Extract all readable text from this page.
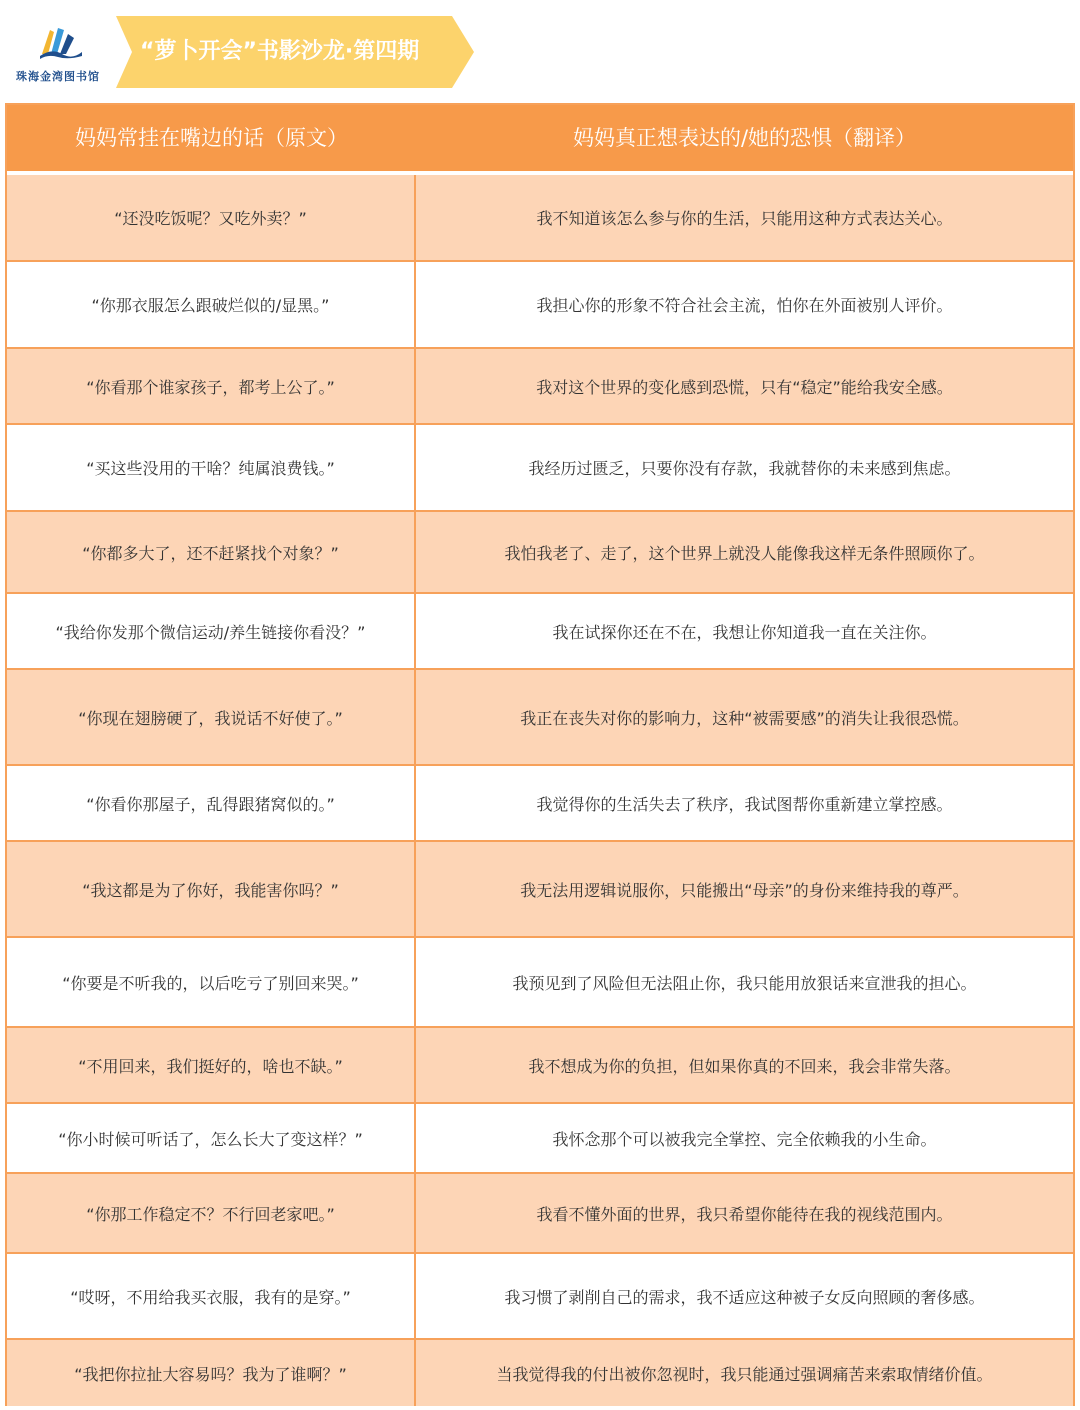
珠海金湾图书馆
“萝卜开会”书影沙龙·第四期
妈妈常挂在嘴边的话（原文）	妈妈真正想表达的/她的恐惧（翻译）
“还没吃饭呢？又吃外卖？”	我不知道该怎么参与你的生活，只能用这种方式表达关心。
“你那衣服怎么跟破烂似的/显黑。”	我担心你的形象不符合社会主流，怕你在外面被别人评价。
“你看那个谁家孩子，都考上公了。”	我对这个世界的变化感到恐慌，只有“稳定”能给我安全感。
“买这些没用的干啥？纯属浪费钱。”	我经历过匮乏，只要你没有存款，我就替你的未来感到焦虑。
“你都多大了，还不赶紧找个对象？”	我怕我老了、走了，这个世界上就没人能像我这样无条件照顾你了。
“我给你发那个微信运动/养生链接你看没？”	我在试探你还在不在，我想让你知道我一直在关注你。
“你现在翅膀硬了，我说话不好使了。”	我正在丧失对你的影响力，这种“被需要感”的消失让我很恐慌。
“你看你那屋子，乱得跟猪窝似的。”	我觉得你的生活失去了秩序，我试图帮你重新建立掌控感。
“我这都是为了你好，我能害你吗？”	我无法用逻辑说服你，只能搬出“母亲”的身份来维持我的尊严。
“你要是不听我的，以后吃亏了别回来哭。”	我预见到了风险但无法阻止你，我只能用放狠话来宣泄我的担心。
“不用回来，我们挺好的，啥也不缺。”	我不想成为你的负担，但如果你真的不回来，我会非常失落。
“你小时候可听话了，怎么长大了变这样？”	我怀念那个可以被我完全掌控、完全依赖我的小生命。
“你那工作稳定不？不行回老家吧。”	我看不懂外面的世界，我只希望你能待在我的视线范围内。
“哎呀，不用给我买衣服，我有的是穿。”	我习惯了剥削自己的需求，我不适应这种被子女反向照顾的奢侈感。
“我把你拉扯大容易吗？我为了谁啊？”	当我觉得我的付出被你忽视时，我只能通过强调痛苦来索取情绪价值。
